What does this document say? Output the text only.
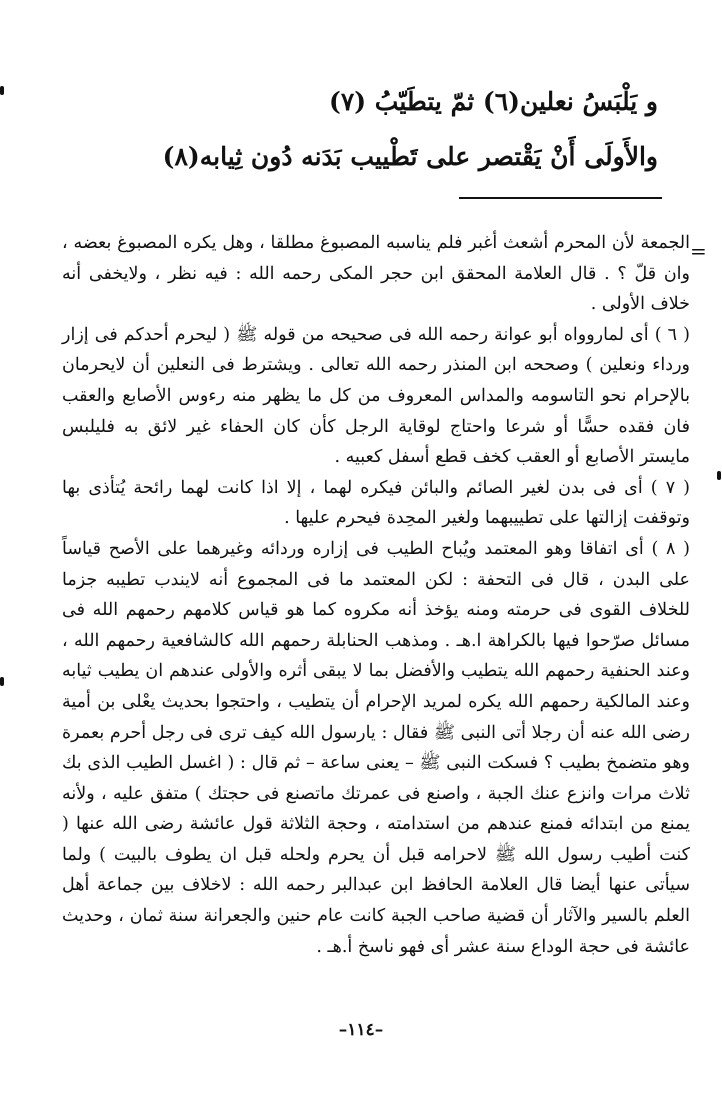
و يَلْبَسُ نعلين(٦) ثمّ يتطَيّبُ (٧)
والأَولَى أَنْ يَقْتصر على تَطْييب بَدَنه دُون ثِيابه(٨)
=

الجمعة لأن المحرم أشعث أغبر فلم يناسبه المصبوغ مطلقا ، وهل يكره المصبوغ بعضه ، وان قلّ ؟ . قال العلامة المحقق ابن حجر المكى رحمه الله : فيه نظر ، ولايخفى أنه خلاف الأولى .

( ٦ ) أى لماروواه أبو عوانة رحمه الله فى صحيحه من قوله ﷺ ( ليحرم أحدكم فى إزار ورداء ونعلين ) وصححه ابن المنذر رحمه الله تعالى . ويشترط فى النعلين أن لايحرمان بالإحرام نحو التاسومه والمداس المعروف من كل ما يظهر منه رءوس الأصابع والعقب فان فقده حسًّا أو شرعا واحتاج لوقاية الرجل كأن كان الحفاء غير لائق به فليلبس مايستر الأصابع أو العقب كخف قطع أسفل كعبيه .

( ٧ ) أى فى بدن لغير الصائم والبائن فيكره لهما ، إلا اذا كانت لهما رائحة يُتأذى بها وتوقفت إزالتها على تطييبهما ولغير المحِدة فيحرم عليها .

( ٨ ) أى اتفاقا وهو المعتمد ويُباح الطيب فى إزاره وردائه وغيرهما على الأصح قياساً على البدن ، قال فى التحفة : لكن المعتمد ما فى المجموع أنه لايندب تطيبه جزما للخلاف القوى فى حرمته ومنه يؤخذ أنه مكروه كما هو قياس كلامهم رحمهم الله فى مسائل صرّحوا فيها بالكراهة ا.هـ . ومذهب الحنابلة رحمهم الله كالشافعية رحمهم الله ، وعند الحنفية رحمهم الله يتطيب والأفضل بما لا يبقى أثره والأولى عندهم ان يطيب ثيابه وعند المالكية رحمهم الله يكره لمريد الإحرام أن يتطيب ، واحتجوا بحديث يعْلى بن أمية رضى الله عنه أن رجلا أتى النبى ﷺ فقال : يارسول الله كيف ترى فى رجل أحرم بعمرة وهو متضمخ بطيب ؟ فسكت النبى ﷺ – يعنى ساعة – ثم قال : ( اغسل الطيب الذى بك ثلاث مرات وانزع عنك الجبة ، واصنع فى عمرتك ماتصنع فى حجتك ) متفق عليه ، ولأنه يمنع من ابتدائه فمنع عندهم من استدامته ، وحجة الثلاثة قول عائشة رضى الله عنها ( كنت أطيب رسول الله ﷺ لاحرامه قبل أن يحرم ولحله قبل ان يطوف بالبيت ) ولما سيأتى عنها أيضا قال العلامة الحافظ ابن عبدالبر رحمه الله : لاخلاف بين جماعة أهل العلم بالسير والآثار أن قضية صاحب الجبة كانت عام حنين والجعرانة سنة ثمان ، وحديث عائشة فى حجة الوداع سنة عشر أى فهو ناسخ أ.هـ .

–١١٤–
